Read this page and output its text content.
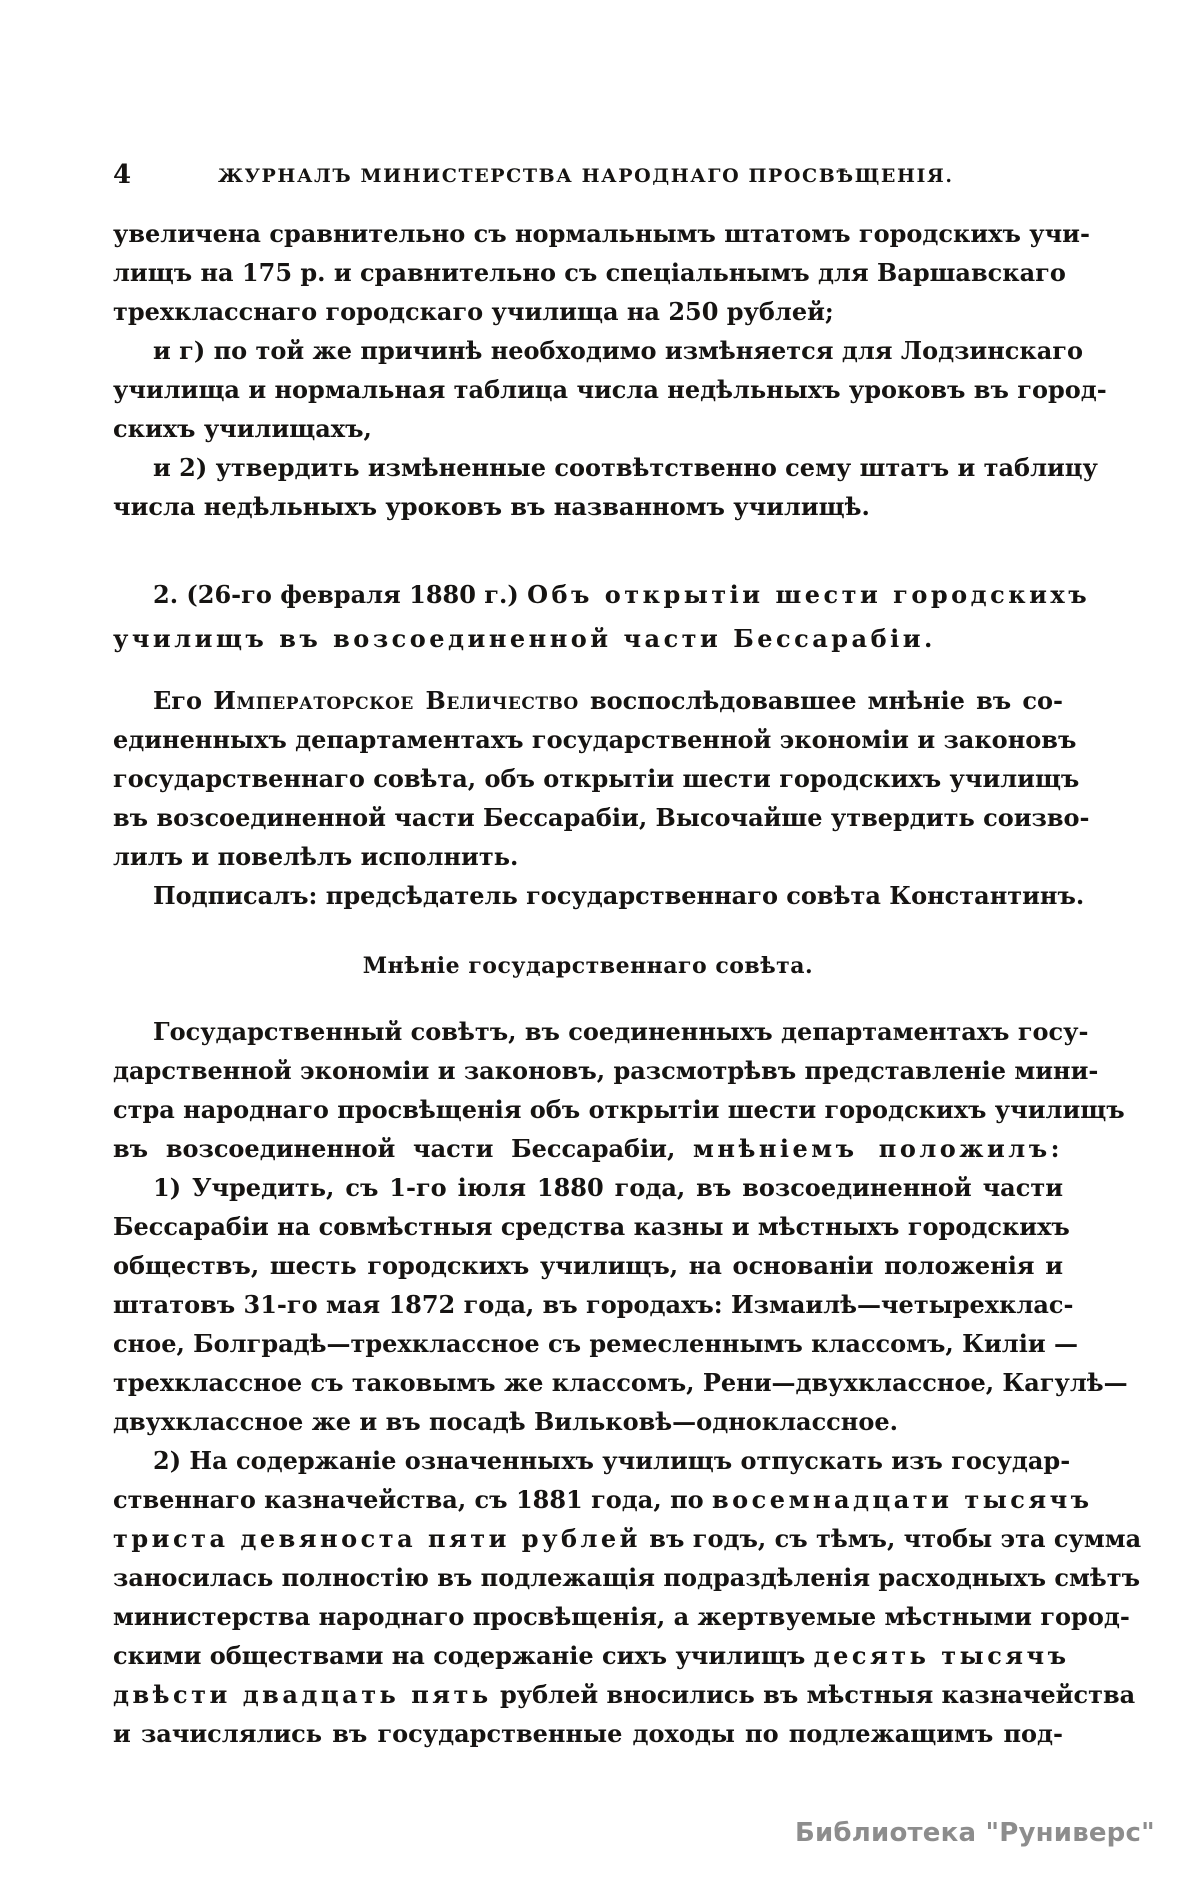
4	ЖУРНАЛЪ МИНИСТЕРСТВА НАРОДНАГО ПРОСВѢЩЕНІЯ.
увеличена сравнительно съ нормальнымъ штатомъ городскихъ учи-
лищъ на 175 р. и сравнительно съ спеціальнымъ для Варшавскаго
трехкласснаго городскаго училища на 250 рублей;
и г) по той же причинѣ необходимо измѣняется для Лодзинскаго
училища и нормальная таблица числа недѣльныхъ уроковъ въ город-
скихъ училищахъ,
и 2) утвердить измѣненные соотвѣтственно сему штатъ и таблицу
числа недѣльныхъ уроковъ въ названномъ училищѣ.
2. (26-го февраля 1880 г.) Объ открытіи шести городскихъ
училищъ въ возсоединенной части Бессарабіи.
Его Императорское Величество воспослѣдовавшее мнѣніе въ со-
единенныхъ департаментахъ государственной экономіи и законовъ
государственнаго совѣта, объ открытіи шести городскихъ училищъ
въ возсоединенной части Бессарабіи, Высочайше утвердить соизво-
лилъ и повелѣлъ исполнить.
Подписалъ: предсѣдатель государственнаго совѣта Константинъ.
Мнѣніе государственнаго совѣта.
Государственный совѣтъ, въ соединенныхъ департаментахъ госу-
дарственной экономіи и законовъ, разсмотрѣвъ представленіе мини-
стра народнаго просвѣщенія объ открытіи шести городскихъ училищъ
въ возсоединенной части Бессарабіи, мнѣніемъ положилъ:
1) Учредить, съ 1-го іюля 1880 года, въ возсоединенной части
Бессарабіи на совмѣстныя средства казны и мѣстныхъ городскихъ
обществъ, шесть городскихъ училищъ, на основаніи положенія и
штатовъ 31-го мая 1872 года, въ городахъ: Измаилѣ—четырехклас-
сное, Болградѣ—трехклассное съ ремесленнымъ классомъ, Киліи —
трехклассное съ таковымъ же классомъ, Рени—двухклассное, Кагулѣ—
двухклассное же и въ посадѣ Вильковѣ—одноклассное.
2) На содержаніе означенныхъ училищъ отпускать изъ государ-
ственнаго казначейства, съ 1881 года, по восемнадцати тысячъ
триста девяноста пяти рублей въ годъ, съ тѣмъ, чтобы эта сумма
заносилась полностію въ подлежащія подраздѣленія расходныхъ смѣтъ
министерства народнаго просвѣщенія, а жертвуемые мѣстными город-
скими обществами на содержаніе сихъ училищъ десять тысячъ
двѣсти двадцать пять рублей вносились въ мѣстныя казначейства
и зачислялись въ государственные доходы по подлежащимъ под-
Библиотека "Руниверс"
